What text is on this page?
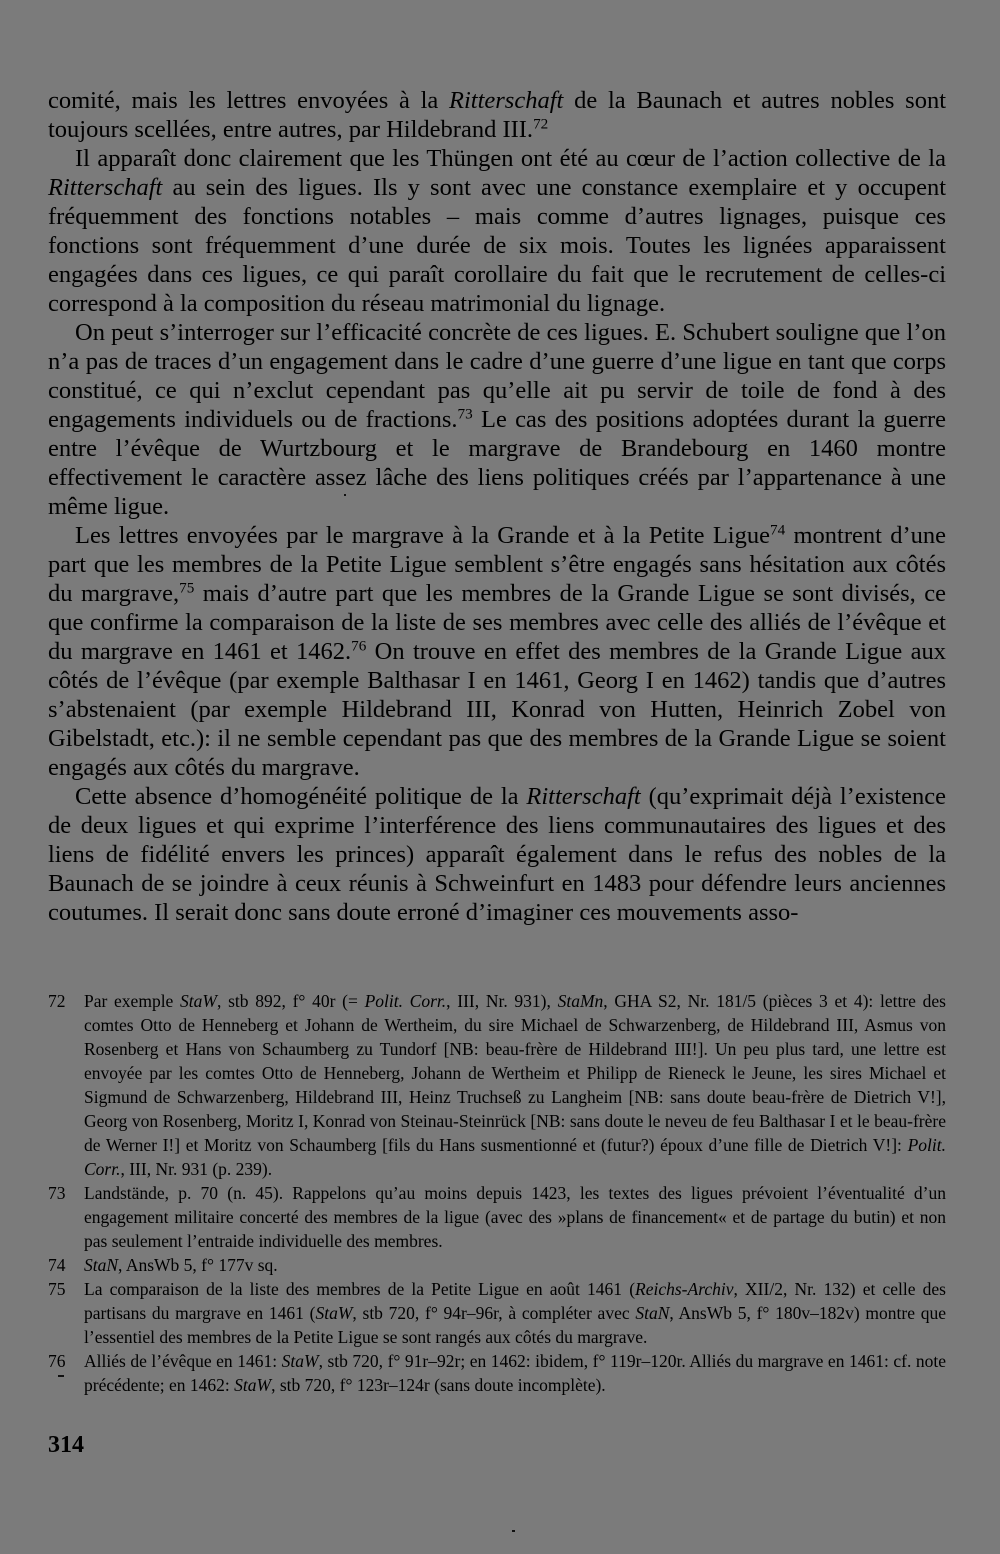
comité, mais les lettres envoyées à la Ritterschaft de la Baunach et autres nobles sont toujours scellées, entre autres, par Hildebrand III.$^{72}$

Il apparaît donc clairement que les Thüngen ont été au cœur de l’action collective de la Ritterschaft au sein des ligues. Ils y sont avec une constance exemplaire et y occupent fréquemment des fonctions notables – mais comme d’autres lignages, puisque ces fonctions sont fréquemment d’une durée de six mois. Toutes les lignées apparaissent engagées dans ces ligues, ce qui paraît corollaire du fait que le recrutement de celles-ci correspond à la composition du réseau matrimonial du lignage.

On peut s’interroger sur l’efficacité concrète de ces ligues. E. Schubert souligne que l’on n’a pas de traces d’un engagement dans le cadre d’une guerre d’une ligue en tant que corps constitué, ce qui n’exclut cependant pas qu’elle ait pu servir de toile de fond à des engagements individuels ou de fractions.$^{73}$ Le cas des positions adoptées durant la guerre entre l’évêque de Wurtzbourg et le margrave de Brandebourg en 1460 montre effectivement le caractère assez lâche des liens politiques créés par l’appartenance à une même ligue.

Les lettres envoyées par le margrave à la Grande et à la Petite Ligue$^{74}$ montrent d’une part que les membres de la Petite Ligue semblent s’être engagés sans hésitation aux côtés du margrave,$^{75}$ mais d’autre part que les membres de la Grande Ligue se sont divisés, ce que confirme la comparaison de la liste de ses membres avec celle des alliés de l’évêque et du margrave en 1461 et 1462.76 On trouve en effet des membres de la Grande Ligue aux côtés de l’évêque (par exemple Balthasar I en 1461, Georg I en 1462) tandis que d’autres s’abstenaient (par exemple Hildebrand III, Konrad von Hutten, Heinrich Zobel von Gibelstadt, etc.): il ne semble cependant pas que des membres de la Grande Ligue se soient engagés aux côtés du margrave.

Cette absence d’homogénéité politique de la Ritterschaft (qu’exprimait déjà l’existence de deux ligues et qui exprime l’interférence des liens communautaires des ligues et des liens de fidélité envers les princes) apparaît également dans le refus des nobles de la Baunach de se joindre à ceux réunis à Schweinfurt en 1483 pour défendre leurs anciennes coutumes. Il serait donc sans doute erroné d’imaginer ces mouvements asso-

72	Par exemple StaW, stb 892, f° 40r (= Polit. Corr., III, Nr. 931), StaMn, GHA S2, Nr. 181/5 (pièces 3 et 4): lettre des comtes Otto de Henneberg et Johann de Wertheim, du sire Michael de Schwarzenberg, de Hildebrand III, Asmus von Rosenberg et Hans von Schaumberg zu Tundorf [NB: beau-frère de Hildebrand III!]. Un peu plus tard, une lettre est envoyée par les comtes Otto de Henneberg, Johann de Wertheim et Philipp de Rieneck le Jeune, les sires Michael et Sigmund de Schwarzenberg, Hildebrand III, Heinz Truchseß zu Langheim [NB: sans doute beau-frère de Dietrich V!], Georg von Rosenberg, Moritz I, Konrad von Steinau-Steinrück [NB: sans doute le neveu de feu Balthasar I et le beau-frère de Werner I!] et Moritz von Schaumberg [fils du Hans susmentionné et (futur?) époux d’une fille de Dietrich V!]: Polit. Corr., III, Nr. 931 (p. 239).
73	Landstände, p. 70 (n. 45). Rappelons qu’au moins depuis 1423, les textes des ligues prévoient l’éventualité d’un engagement militaire concerté des membres de la ligue (avec des »plans de financement« et de partage du butin) et non pas seulement l’entraide individuelle des membres.
74	StaN, AnsWb 5, f° 177v sq.
75	La comparaison de la liste des membres de la Petite Ligue en août 1461 (Reichs-Archiv, XII/2, Nr. 132) et celle des partisans du margrave en 1461 (StaW, stb 720, f° 94r–96r, à compléter avec StaN, AnsWb 5, f° 180v–182v) montre que l’essentiel des membres de la Petite Ligue se sont rangés aux côtés du margrave.
76	Alliés de l’évêque en 1461: StaW, stb 720, f° 91r–92r; en 1462: ibidem, f° 119r–120r. Alliés du margrave en 1461: cf. note précédente; en 1462: StaW, stb 720, f° 123r–124r (sans doute incomplète).
314
